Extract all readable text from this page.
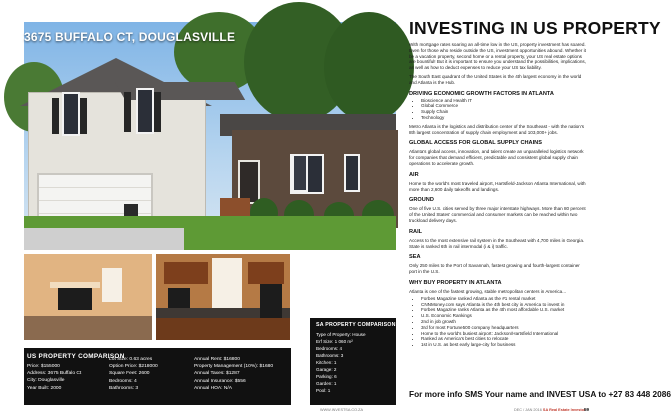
3675 BUFFALO CT, DOUGLASVILLE
US PROPERTY COMPARISON
Price: $155000
Address: 3675 Buffalo Ct
City: Douglasville
Year Built: 2000
Lot Size: 0.63 acres
Option Price: $218000
Square Feet: 2600
Bedrooms: 4
Bathrooms: 3
Annual Rent: $16800
Property Management (10%): $1680
Annual Taxes: $1287
Annual Insurance: $556
Annual HOA: N/A
SA PROPERTY COMPARISON
Type of Property: House
Erf Size: 1 060 m²
Bedrooms: 4
Bathrooms: 3
Kitchen: 1
Garage: 2
Parking: 6
Garden: 1
Pool: 1
INVESTING IN US PROPERTY

With mortgage rates soaring an all-time low in the US, property investment has soared. Even for those who reside outside the US, investment opportunities abound. Whether it be a vacation property, second home or a rental property, your US real estate options are bountiful! But it is important to ensure you understand the possibilities, implications, as well as how to deduct expenses to reduce your US tax liability.

The South East quadrant of the United States is the 4th largest economy in the world and Atlanta is the Hub.

DRIVING ECONOMIC GROWTH FACTORS IN ATLANTA

• Bioscience and Health IT
• Global Commerce
• Supply Chain
• Technology

Metro Atlanta is the logistics and distribution center of the Southeast - with the nation's 8th largest concentration of supply chain employment and 103,000+ jobs.

GLOBAL ACCESS FOR GLOBAL SUPPLY CHAINS

Atlanta's global access, innovation, and talent create an unparalleled logistics network for companies that demand efficient, predictable and consistent global supply chain operations to accelerate growth.

AIR

Home to the world's most traveled airport, Hartsfield-Jackson Atlanta International, with more than 2,600 daily takeoffs and landings.

GROUND

One of five U.S. cities served by three major interstate highways. More than 80 percent of the United States' commercial and consumer markets can be reached within two truckload delivery days.

RAIL

Access to the most extensive rail system in the Southeast with 4,700 miles in Georgia. State is ranked 6th in rail intermodal (i & i) traffic.

SEA

Only 250 miles to the Port of Savannah, fastest growing and fourth-largest container port in the U.S.

WHY BUY PROPERTY IN ATLANTA

Atlanta is one of the fastest growing, stable metropolitan centers in America...

• Forbes Magazine ranked Atlanta as the #1 rental market
• CNNMoney.com says Atlanta is the 4th best city in America to invest in
• Forbes Magazine ranks Atlanta as the 4th most affordable U.S. market
• U.S. Economic Rankings
• 2nd in job growth
• 3rd for most Fortune500 company headquarters
• Home to the world's busiest airport: Jackson/Hartsfield International
• Ranked as America's best cities to relocate
• 1st in U.S. as best early large-city for business
For more info SMS Your name and INVEST USA to +27 83 448 2086
WWW.INVESTSA.CO.ZA	DEC / JAN 2016 SA Real Estate Investor
59
